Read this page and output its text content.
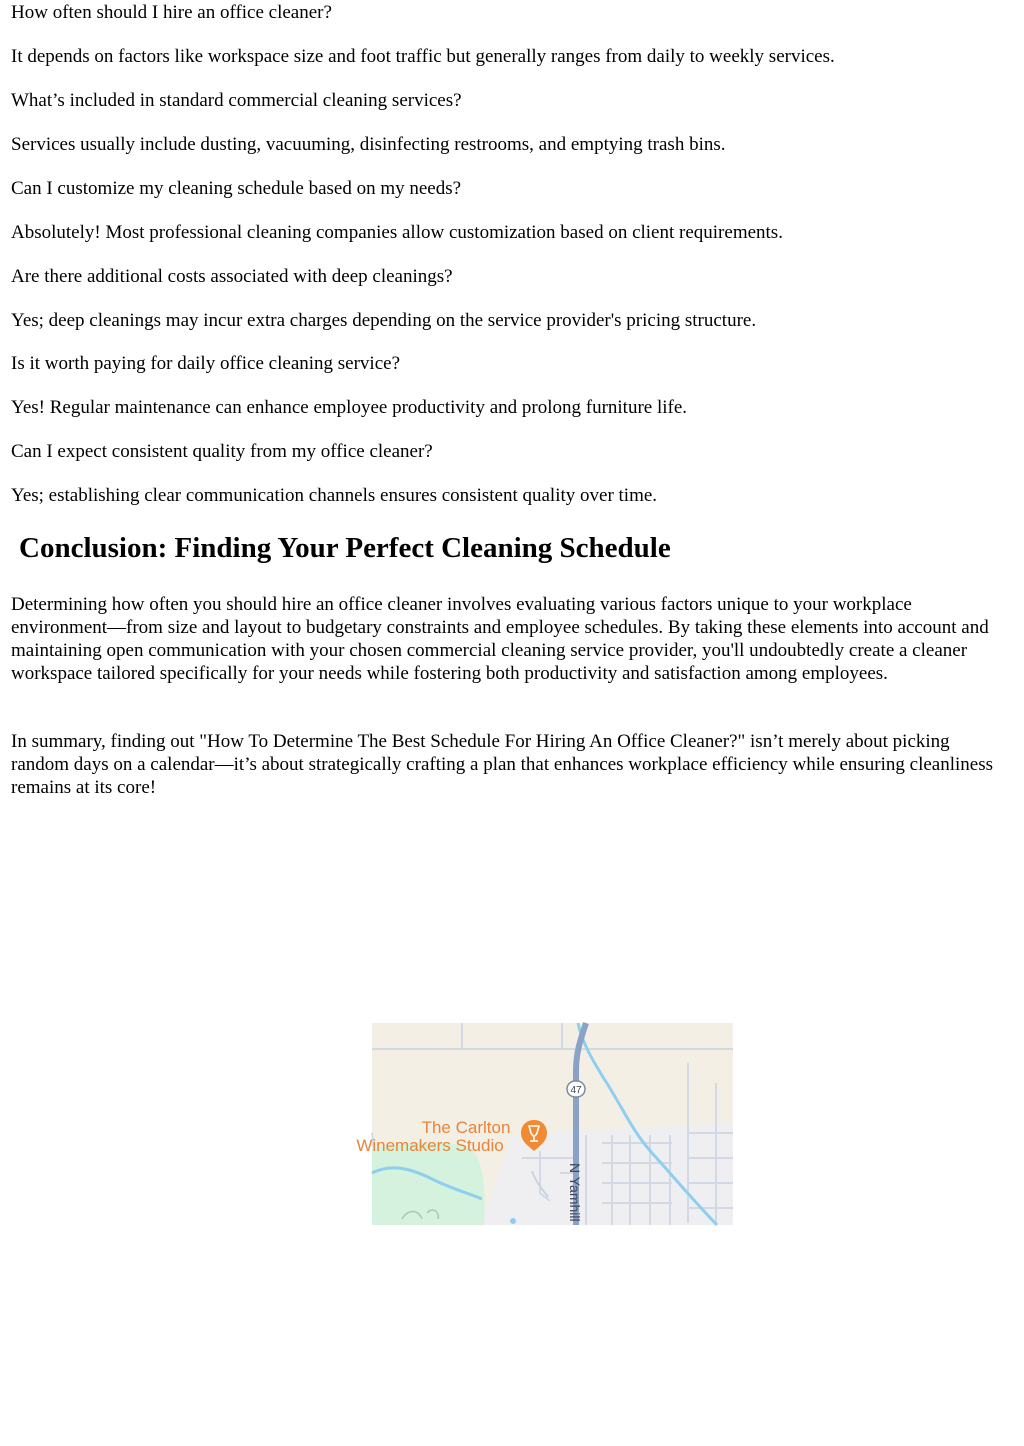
How often should I hire an office cleaner?

It depends on factors like workspace size and foot traffic but generally ranges from daily to weekly services.

What’s included in standard commercial cleaning services?

Services usually include dusting, vacuuming, disinfecting restrooms, and emptying trash bins.

Can I customize my cleaning schedule based on my needs?

Absolutely! Most professional cleaning companies allow customization based on client requirements.

Are there additional costs associated with deep cleanings?

Yes; deep cleanings may incur extra charges depending on the service provider's pricing structure.

Is it worth paying for daily office cleaning service?

Yes! Regular maintenance can enhance employee productivity and prolong furniture life.

Can I expect consistent quality from my office cleaner?

Yes; establishing clear communication channels ensures consistent quality over time.

Conclusion: Finding Your Perfect Cleaning Schedule

Determining how often you should hire an office cleaner involves evaluating various factors unique to your workplace environment—from size and layout to budgetary constraints and employee schedules. By taking these elements into account and maintaining open communication with your chosen commercial cleaning service provider, you'll undoubtedly create a cleaner workspace tailored specifically for your needs while fostering both productivity and satisfaction among employees.

In summary, finding out "How To Determine The Best Schedule For Hiring An Office Cleaner?" isn’t merely about picking random days on a calendar—it’s about strategically crafting a plan that enhances workplace efficiency while ensuring cleanliness remains at its core!

47
The Carlton
Winemakers Studio
N Yamhill
